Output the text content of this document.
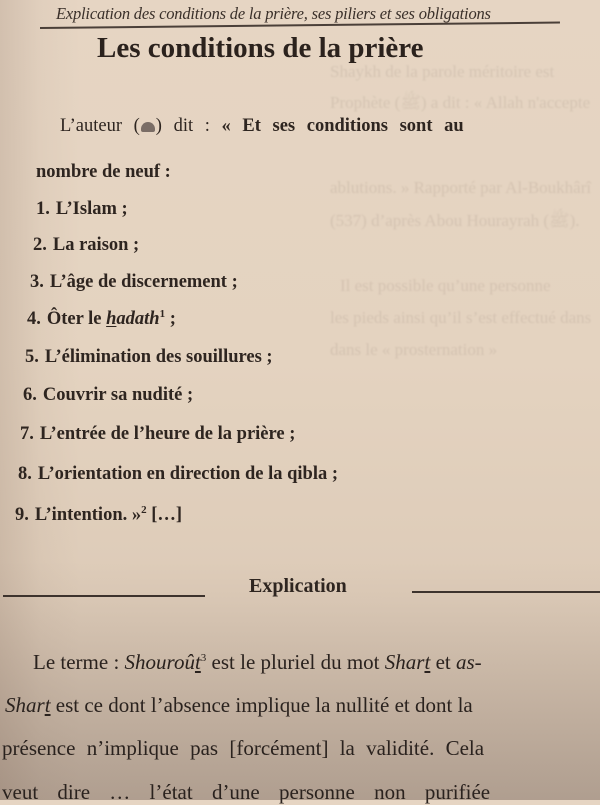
Shaykh de la parole méritoire est
Prophète (ﷺ) a dit : « Allah n'accepte
ablutions. » Rapporté par Al-Boukhârî
(537) d’après Abou Hourayrah (ﷺ).
Il est possible qu’une personne
les pieds ainsi qu’il s’est effectué dans
dans le « prosternation »
Explication des conditions de la prière, ses piliers et ses obligations
Les conditions de la prière
L’auteur ( ) dit : « Et ses conditions sont au
nombre de neuf :
1. L’Islam ;
2. La raison ;
3. L’âge de discernement ;
4. Ôter le hadath$^1$ ;
5. L’élimination des souillures ;
6. Couvrir sa nudité ;
7. L’entrée de l’heure de la prière ;
8. L’orientation en direction de la qibla ;
9. L’intention. »$^2$ […]
Explication
Le terme : Shouroût$^3$ est le pluriel du mot Shart et as-
Shart est ce dont l’absence implique la nullité et dont la
présence n’implique pas [forcément] la validité. Cela
veut dire … l’état d’une personne non purifiée
